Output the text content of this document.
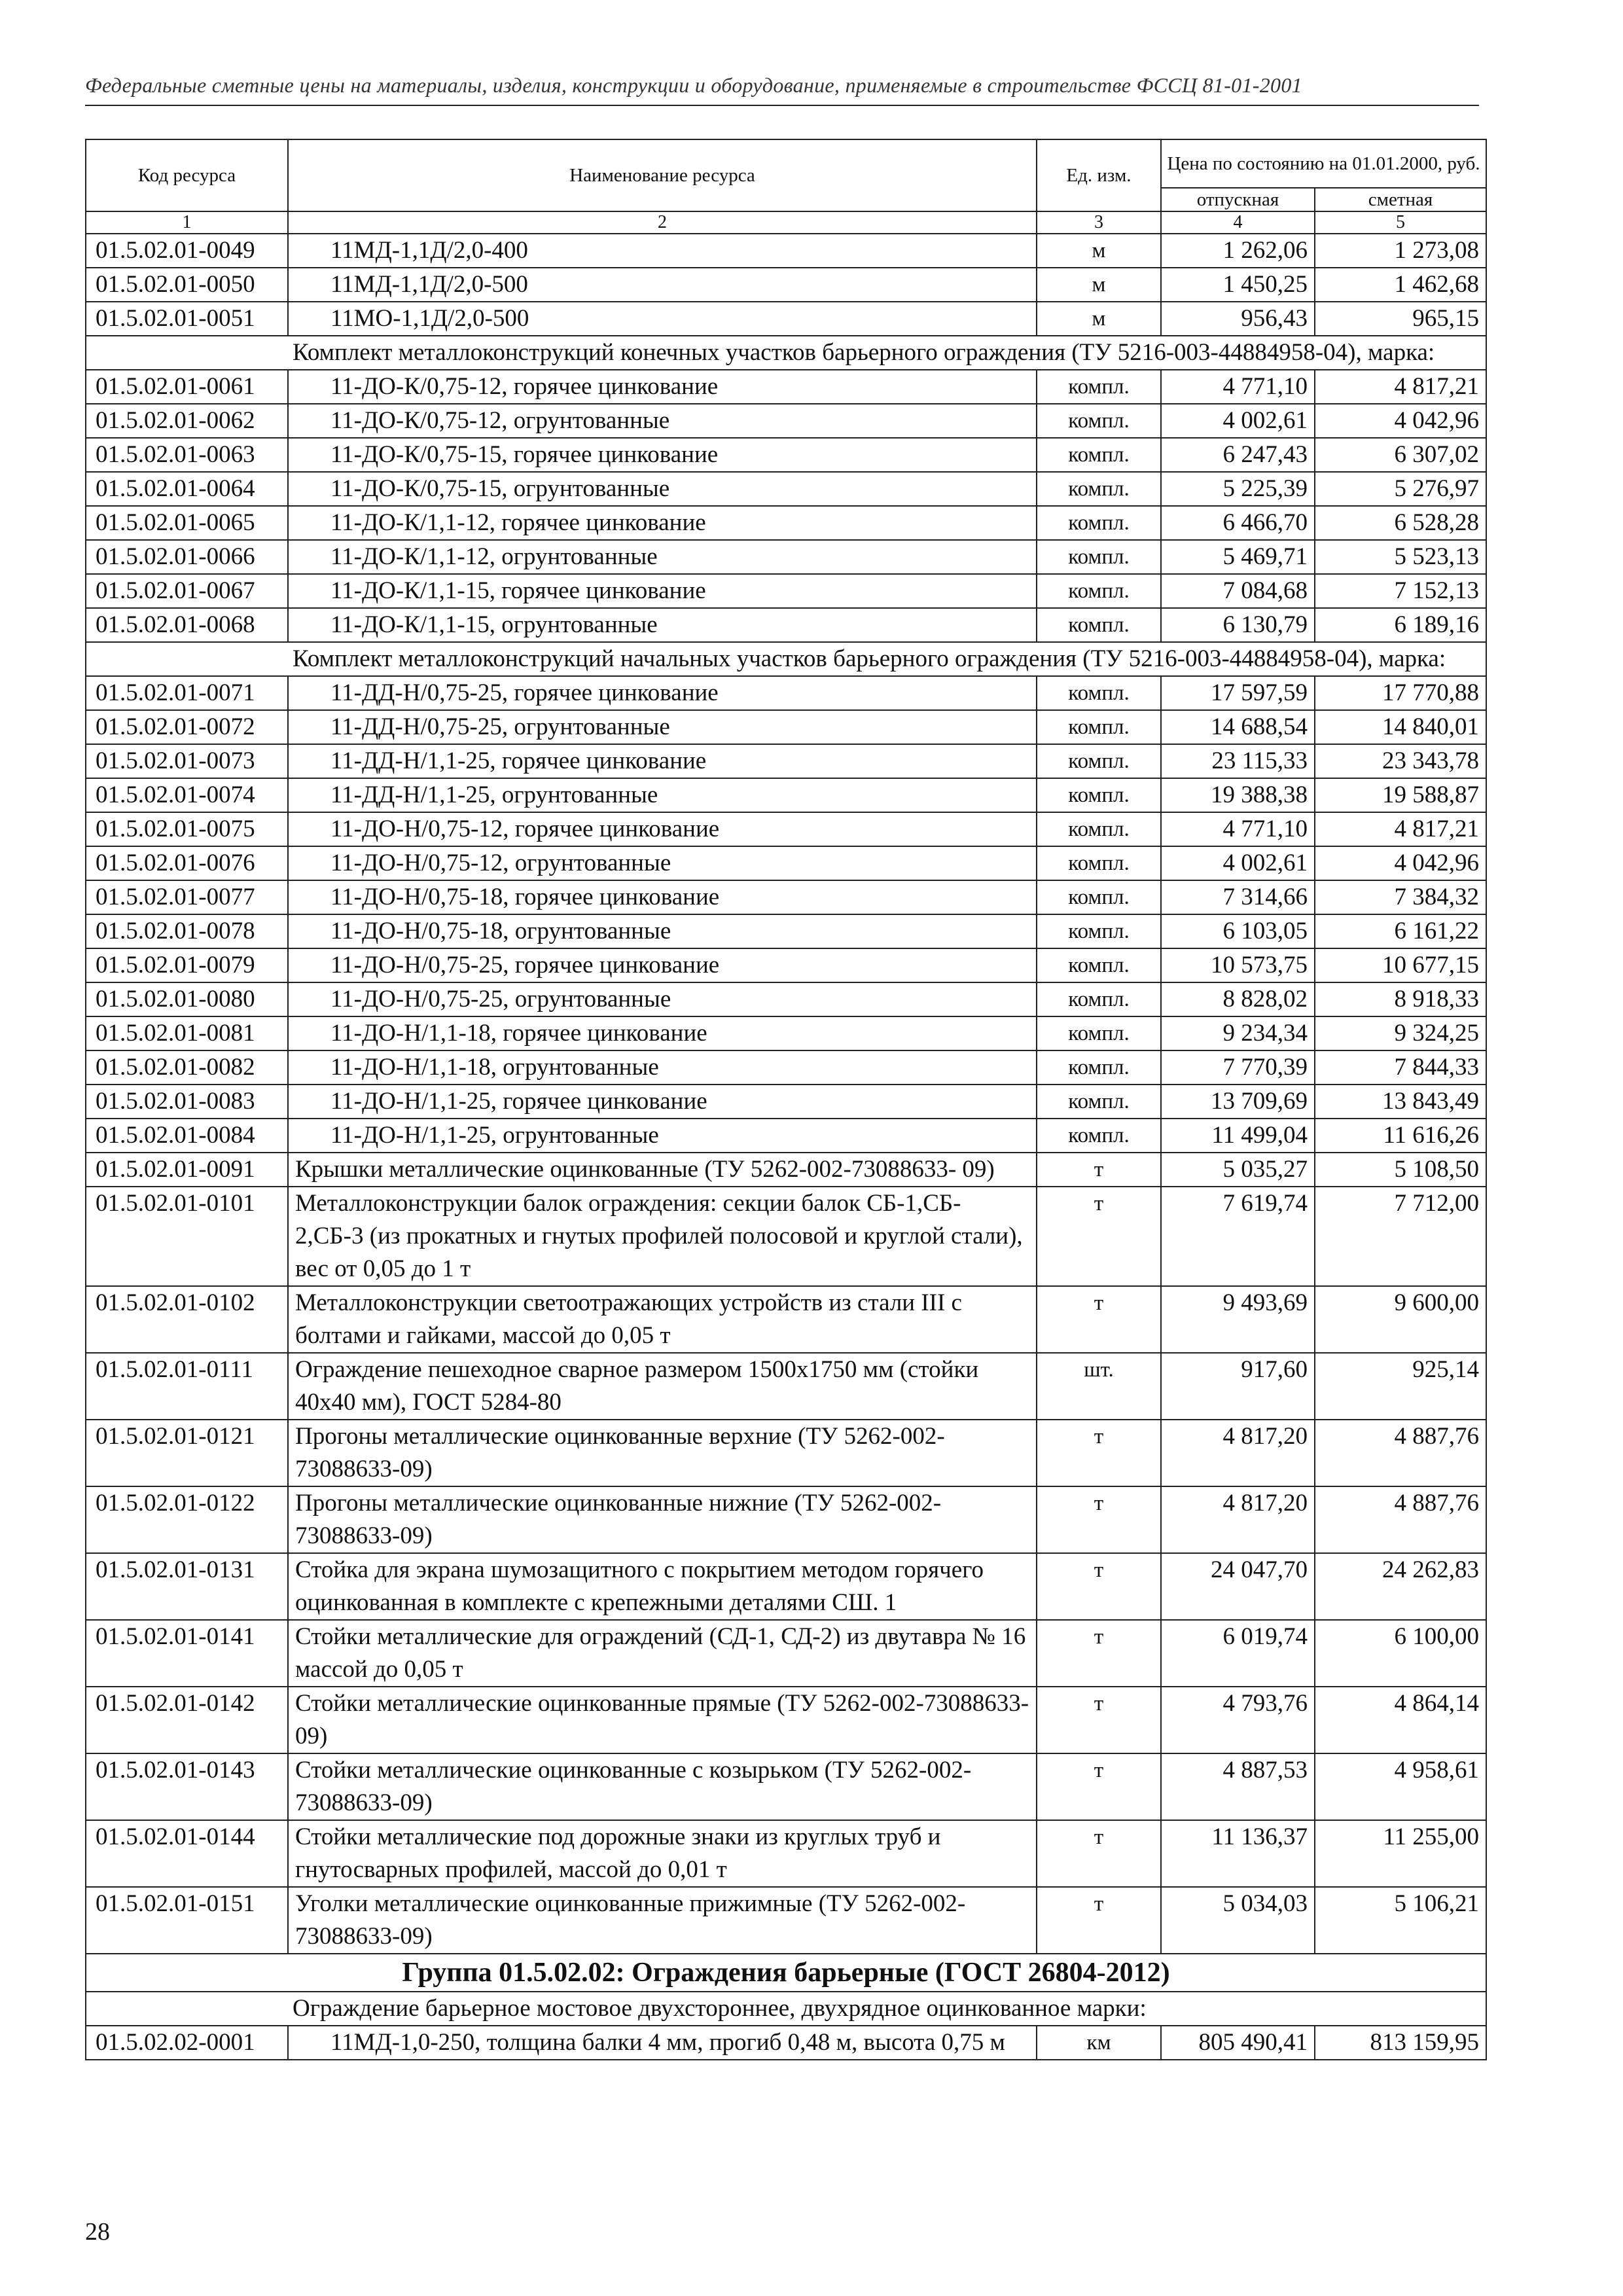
Федеральные сметные цены на материалы, изделия, конструкции и оборудование, применяемые в строительстве ФССЦ 81-01-2001
Код ресурса	Наименование ресурса	Ед. изм.	Цена по состоянию на 01.01.2000, руб.	
			отпускная	сметная
1	2	3	4	5
01.5.02.01-0049	11МД-1,1Д/2,0-400	м	1 262,06	1 273,08
01.5.02.01-0050	11МД-1,1Д/2,0-500	м	1 450,25	1 462,68
01.5.02.01-0051	11МО-1,1Д/2,0-500	м	956,43	965,15
Комплект металлоконструкций конечных участков барьерного ограждения (ТУ 5216-003-44884958-04), марка:				
01.5.02.01-0061	11-ДО-К/0,75-12, горячее цинкование	компл.	4 771,10	4 817,21
01.5.02.01-0062	11-ДО-К/0,75-12, огрунтованные	компл.	4 002,61	4 042,96
01.5.02.01-0063	11-ДО-К/0,75-15, горячее цинкование	компл.	6 247,43	6 307,02
01.5.02.01-0064	11-ДО-К/0,75-15, огрунтованные	компл.	5 225,39	5 276,97
01.5.02.01-0065	11-ДО-К/1,1-12, горячее цинкование	компл.	6 466,70	6 528,28
01.5.02.01-0066	11-ДО-К/1,1-12, огрунтованные	компл.	5 469,71	5 523,13
01.5.02.01-0067	11-ДО-К/1,1-15, горячее цинкование	компл.	7 084,68	7 152,13
01.5.02.01-0068	11-ДО-К/1,1-15, огрунтованные	компл.	6 130,79	6 189,16
Комплект металлоконструкций начальных участков барьерного ограждения (ТУ 5216-003-44884958-04), марка:				
01.5.02.01-0071	11-ДД-Н/0,75-25, горячее цинкование	компл.	17 597,59	17 770,88
01.5.02.01-0072	11-ДД-Н/0,75-25, огрунтованные	компл.	14 688,54	14 840,01
01.5.02.01-0073	11-ДД-Н/1,1-25, горячее цинкование	компл.	23 115,33	23 343,78
01.5.02.01-0074	11-ДД-Н/1,1-25, огрунтованные	компл.	19 388,38	19 588,87
01.5.02.01-0075	11-ДО-Н/0,75-12, горячее цинкование	компл.	4 771,10	4 817,21
01.5.02.01-0076	11-ДО-Н/0,75-12, огрунтованные	компл.	4 002,61	4 042,96
01.5.02.01-0077	11-ДО-Н/0,75-18, горячее цинкование	компл.	7 314,66	7 384,32
01.5.02.01-0078	11-ДО-Н/0,75-18, огрунтованные	компл.	6 103,05	6 161,22
01.5.02.01-0079	11-ДО-Н/0,75-25, горячее цинкование	компл.	10 573,75	10 677,15
01.5.02.01-0080	11-ДО-Н/0,75-25, огрунтованные	компл.	8 828,02	8 918,33
01.5.02.01-0081	11-ДО-Н/1,1-18, горячее цинкование	компл.	9 234,34	9 324,25
01.5.02.01-0082	11-ДО-Н/1,1-18, огрунтованные	компл.	7 770,39	7 844,33
01.5.02.01-0083	11-ДО-Н/1,1-25, горячее цинкование	компл.	13 709,69	13 843,49
01.5.02.01-0084	11-ДО-Н/1,1-25, огрунтованные	компл.	11 499,04	11 616,26
01.5.02.01-0091	Крышки металлические оцинкованные (ТУ 5262-002-73088633- 09)	т	5 035,27	5 108,50
01.5.02.01-0101	Металлоконструкции балок ограждения: секции балок СБ-1,СБ- 2,СБ-3 (из прокатных и гнутых профилей полосовой и круглой стали), вес от 0,05 до 1 т	т	7 619,74	7 712,00
01.5.02.01-0102	Металлоконструкции светоотражающих устройств из стали III с болтами и гайками, массой до 0,05 т	т	9 493,69	9 600,00
01.5.02.01-0111	Ограждение пешеходное сварное размером 1500х1750 мм (стойки 40х40 мм), ГОСТ 5284-80	шт.	917,60	925,14
01.5.02.01-0121	Прогоны металлические оцинкованные верхние (ТУ 5262-002-73088633-09)	т	4 817,20	4 887,76
01.5.02.01-0122	Прогоны металлические оцинкованные нижние (ТУ 5262-002-73088633-09)	т	4 817,20	4 887,76
01.5.02.01-0131	Стойка для экрана шумозащитного с покрытием методом горячего оцинкованная в комплекте с крепежными деталями СШ. 1	т	24 047,70	24 262,83
01.5.02.01-0141	Стойки металлические для ограждений (СД-1, СД-2) из двутавра № 16 массой до 0,05 т	т	6 019,74	6 100,00
01.5.02.01-0142	Стойки металлические оцинкованные прямые (ТУ 5262-002-73088633-09)	т	4 793,76	4 864,14
01.5.02.01-0143	Стойки металлические оцинкованные с козырьком (ТУ 5262-002- 73088633-09)	т	4 887,53	4 958,61
01.5.02.01-0144	Стойки металлические под дорожные знаки из круглых труб и гнутосварных профилей, массой до 0,01 т	т	11 136,37	11 255,00
01.5.02.01-0151	Уголки металлические оцинкованные прижимные (ТУ 5262-002- 73088633-09)	т	5 034,03	5 106,21
Группа 01.5.02.02: Ограждения барьерные (ГОСТ 26804-2012)				
Ограждение барьерное мостовое двухстороннее, двухрядное оцинкованное марки:				
01.5.02.02-0001	11МД-1,0-250, толщина балки 4 мм, прогиб 0,48 м, высота 0,75 м	км	805 490,41	813 159,95
28
